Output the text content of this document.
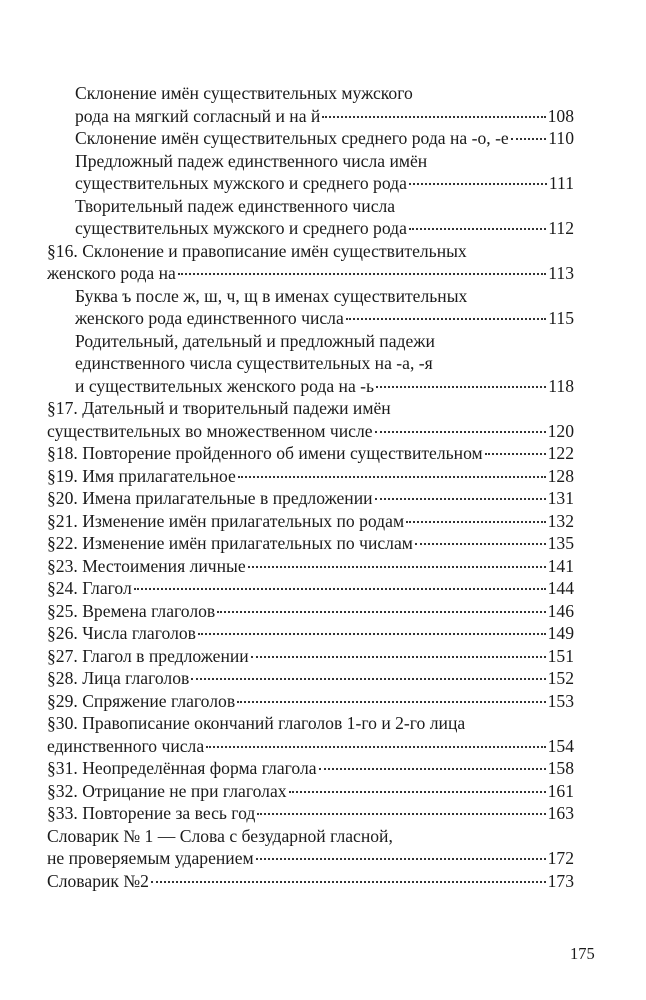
Склонение имён существительных мужского
рода на мягкий согласный и на й	108
Склонение имён существительных среднего рода на -о, -е 110
Предложный падеж единственного числа имён
существительных мужского и среднего рода	111
Творительный падеж единственного числа
существительных мужского и среднего рода	112
§16. Склонение и правописание имён существительных
женского рода на	113
Буква ъ после ж, ш, ч, щ в именах существительных
женского рода единственного числа	115
Родительный, дательный и предложный падежи
единственного числа существительных на -а, -я
и существительных женского рода на -ь	118
§17. Дательный и творительный падежи имён
существительных во множественном числе	120
§18. Повторение пройденного об имени существительном	122
§19. Имя прилагательное	128
§20. Имена прилагательные в предложении	131
§21. Изменение имён прилагательных по родам	132
§22. Изменение имён прилагательных по числам	135
§23. Местоимения личные	141
§24. Глагол	144
§25. Времена глаголов	146
§26. Числа глаголов	149
§27. Глагол в предложении	151
§28. Лица глаголов	152
§29. Спряжение глаголов	153
§30. Правописание окончаний глаголов 1-го и 2-го лица
единственного числа	154
§31. Неопределённая форма глагола	158
§32. Отрицание не при глаголах	161
§33. Повторение за весь год	163
Словарик № 1 — Слова с безударной гласной,
не проверяемым ударением	172
Словарик №2	173
175
